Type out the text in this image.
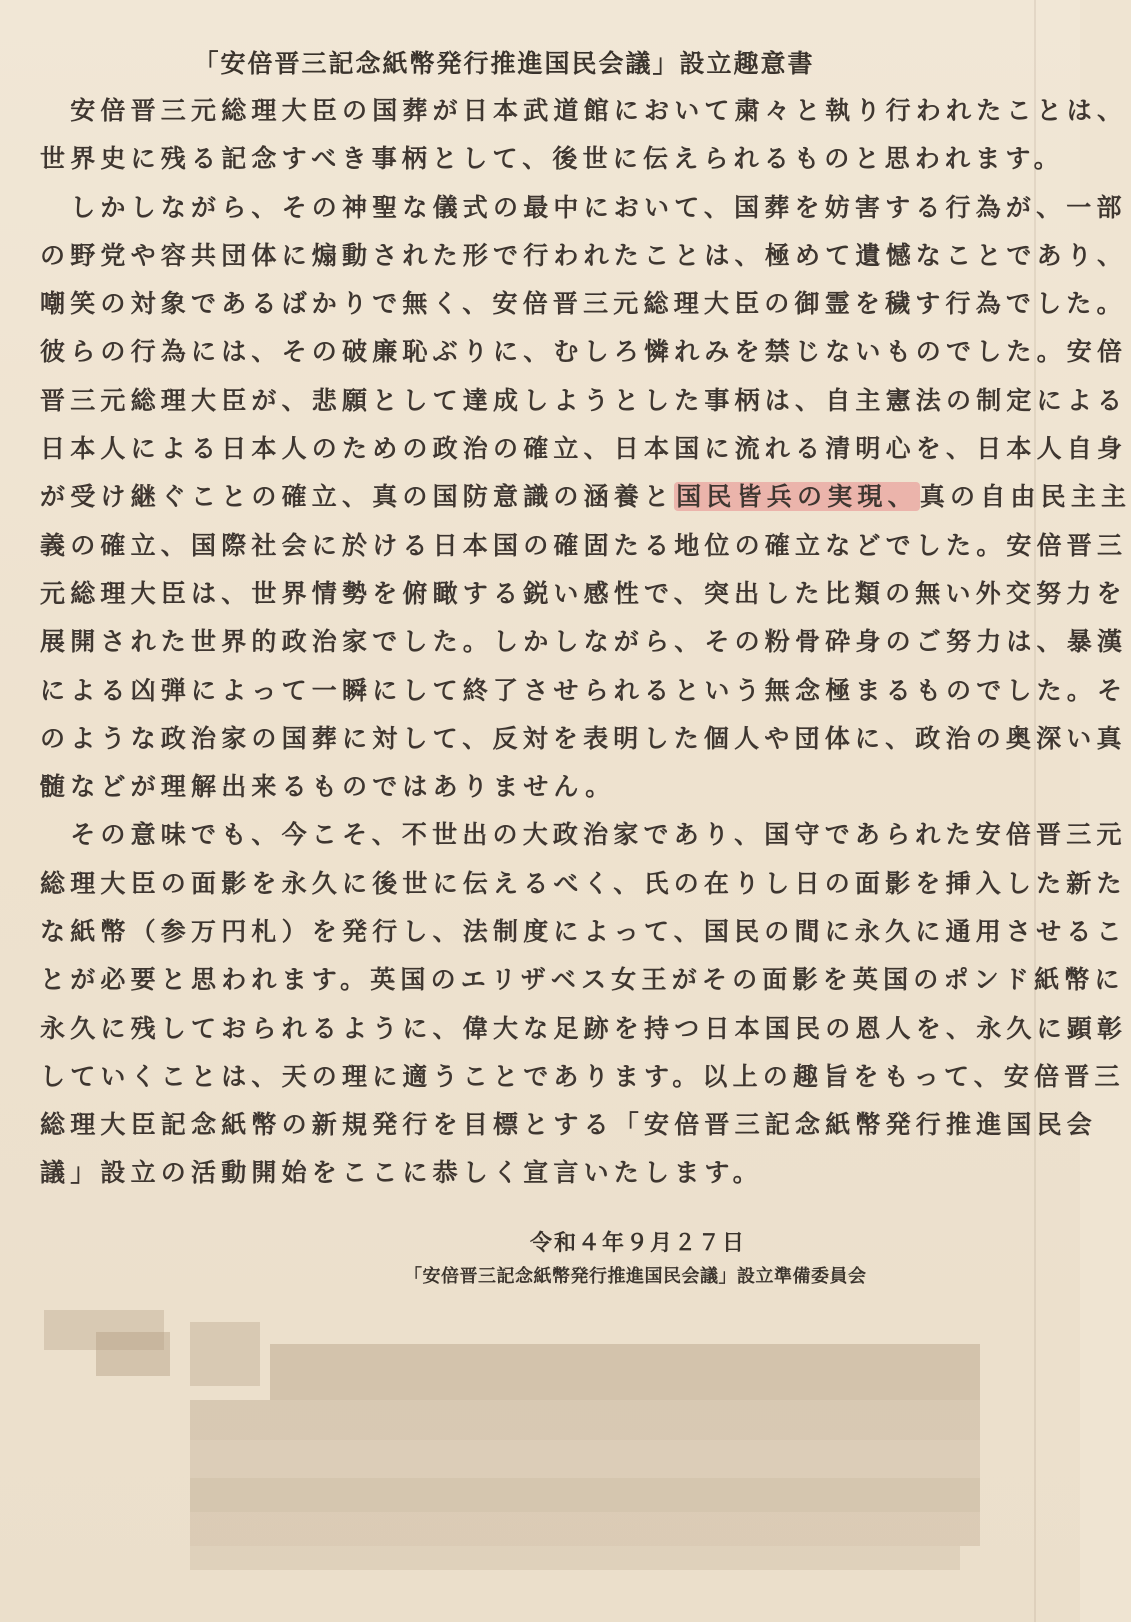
「安倍晋三記念紙幣発行推進国民会議」設立趣意書
　安倍晋三元総理大臣の国葬が日本武道館において粛々と執り行われたことは、
世界史に残る記念すべき事柄として、後世に伝えられるものと思われます。
　しかしながら、その神聖な儀式の最中において、国葬を妨害する行為が、一部
の野党や容共団体に煽動された形で行われたことは、極めて遺憾なことであり、
嘲笑の対象であるばかりで無く、安倍晋三元総理大臣の御霊を穢す行為でした。
彼らの行為には、その破廉恥ぶりに、むしろ憐れみを禁じないものでした。安倍
晋三元総理大臣が、悲願として達成しようとした事柄は、自主憲法の制定による
日本人による日本人のための政治の確立、日本国に流れる清明心を、日本人自身
が受け継ぐことの確立、真の国防意識の涵養と国民皆兵の実現、真の自由民主主
義の確立、国際社会に於ける日本国の確固たる地位の確立などでした。安倍晋三
元総理大臣は、世界情勢を俯瞰する鋭い感性で、突出した比類の無い外交努力を
展開された世界的政治家でした。しかしながら、その粉骨砕身のご努力は、暴漢
による凶弾によって一瞬にして終了させられるという無念極まるものでした。そ
のような政治家の国葬に対して、反対を表明した個人や団体に、政治の奥深い真
髄などが理解出来るものではありません。
　その意味でも、今こそ、不世出の大政治家であり、国守であられた安倍晋三元
総理大臣の面影を永久に後世に伝えるべく、氏の在りし日の面影を挿入した新た
な紙幣（参万円札）を発行し、法制度によって、国民の間に永久に通用させるこ
とが必要と思われます。英国のエリザベス女王がその面影を英国のポンド紙幣に
永久に残しておられるように、偉大な足跡を持つ日本国民の恩人を、永久に顕彰
していくことは、天の理に適うことであります。以上の趣旨をもって、安倍晋三
総理大臣記念紙幣の新規発行を目標とする「安倍晋三記念紙幣発行推進国民会
議」設立の活動開始をここに恭しく宣言いたします。
令和４年９月２７日
「安倍晋三記念紙幣発行推進国民会議」設立準備委員会
